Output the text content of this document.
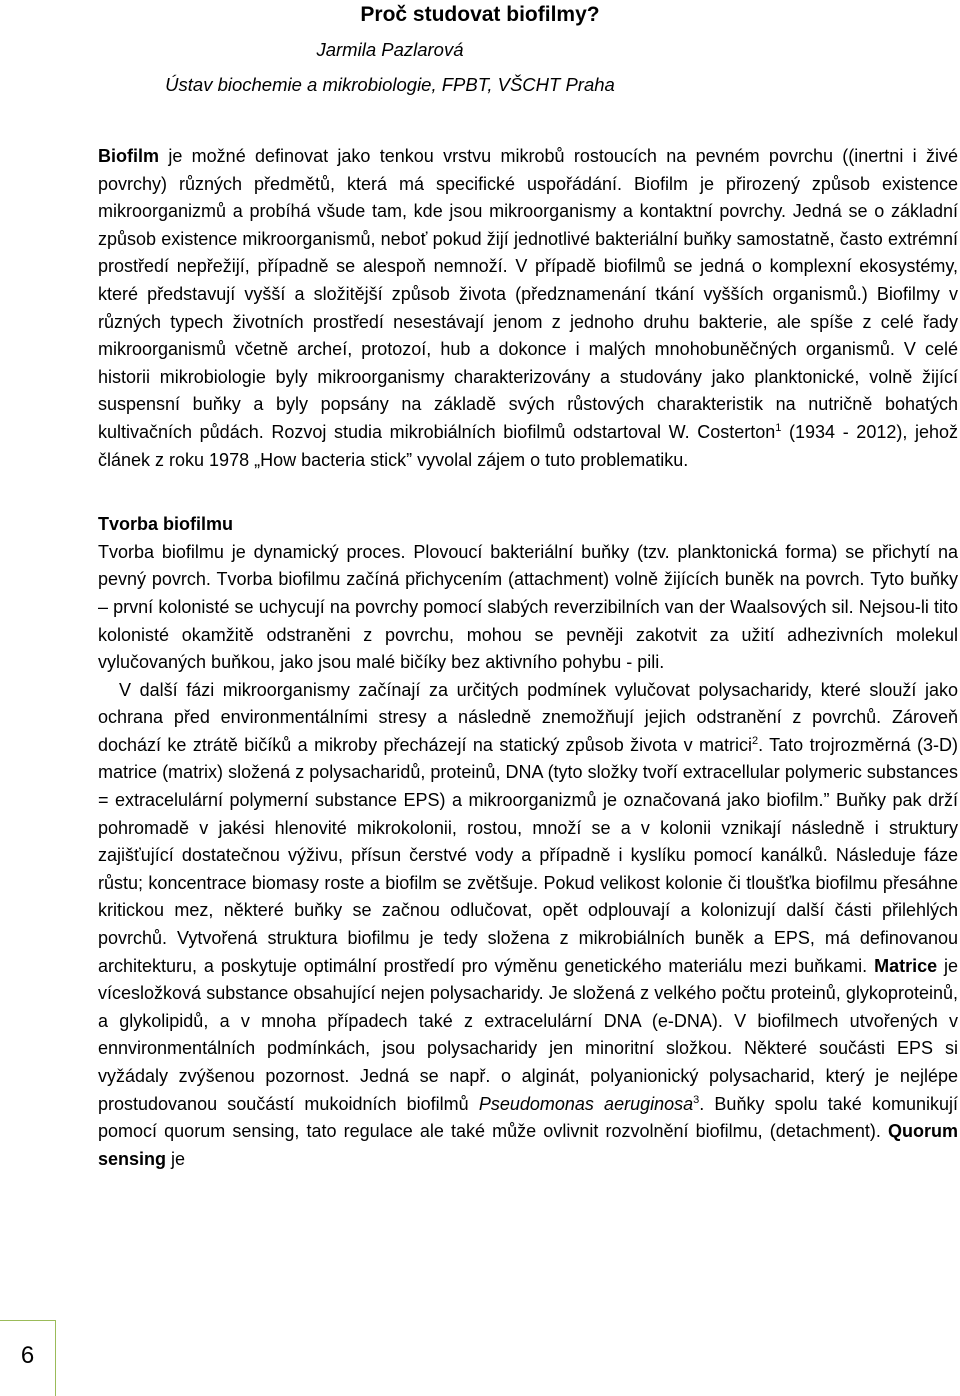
Proč studovat biofilmy?
Jarmila Pazlarová
Ústav biochemie a mikrobiologie, FPBT, VŠCHT Praha

Biofilm je možné definovat jako tenkou vrstvu mikrobů rostoucích na pevném povrchu ((inertni i živé povrchy) různých předmětů, která má specifické uspořádání. Biofilm je přirozený způsob existence mikroorganizmů a probíhá všude tam, kde jsou mikroorganismy a kontaktní povrchy. Jedná se o základní způsob existence mikroorganismů, neboť pokud žijí jednotlivé bakteriální buňky samostatně, často extrémní prostředí nepřežijí, případně se alespoň nemnoží. V případě biofilmů se jedná o komplexní ekosystémy, které představují vyšší a složitější způsob života (předznamenání tkání vyšších organismů.) Biofilmy v různých typech životních prostředí nesestávají jenom z jednoho druhu bakterie, ale spíše z celé řady mikroorganismů včetně archeí, protozoí, hub a dokonce i malých mnohobuněčných organismů. V celé historii mikrobiologie byly mikroorganismy charakterizovány a studovány jako planktonické, volně žijící suspensní buňky a byly popsány na základě svých růstových charakteristik na nutričně bohatých kultivačních půdách. Rozvoj studia mikrobiálních biofilmů odstartoval W. Costerton$^1$ (1934 - 2012), jehož článek z roku 1978 „How bacteria stick” vyvolal zájem o tuto problematiku.

Tvorba biofilmu

Tvorba biofilmu je dynamický proces. Plovoucí bakteriální buňky (tzv. planktonická forma) se přichytí na pevný povrch. Tvorba biofilmu začíná přichycením (attachment) volně žijících buněk na povrch. Tyto buňky – první kolonisté se uchycují na povrchy pomocí slabých reverzibilních van der Waalsových sil. Nejsou-li tito kolonisté okamžitě odstraněni z povrchu, mohou se pevněji zakotvit za užití adhezivních molekul vylučovaných buňkou, jako jsou malé bičíky bez aktivního pohybu - pili.

V další fázi mikroorganismy začínají za určitých podmínek vylučovat polysacharidy, které slouží jako ochrana před environmentálními stresy a následně znemožňují jejich odstranění z povrchů. Zároveň dochází ke ztrátě bičíků a mikroby přecházejí na statický způsob života v matrici$^2$. Tato trojrozměrná (3-D) matrice (matrix) složená z polysacharidů, proteinů, DNA (tyto složky tvoří extracellular polymeric substances = extracelulární polymerní substance EPS) a mikroorganizmů je označovaná jako biofilm.” Buňky pak drží pohromadě v jakési hlenovité mikrokolonii, rostou, množí se a v kolonii vznikají následně i struktury zajišťující dostatečnou výživu, přísun čerstvé vody a případně i kyslíku pomocí kanálků. Následuje fáze růstu; koncentrace biomasy roste a biofilm se zvětšuje. Pokud velikost kolonie či tloušťka biofilmu přesáhne kritickou mez, některé buňky se začnou odlučovat, opět odplouvají a kolonizují další části přilehlých povrchů. Vytvořená struktura biofilmu je tedy složena z mikrobiálních buněk a EPS, má definovanou architekturu, a poskytuje optimální prostředí pro výměnu genetického materiálu mezi buňkami. Matrice je vícesložková substance obsahující nejen polysacharidy. Je složená z velkého počtu proteinů, glykoproteinů, a glykolipidů, a v mnoha případech také z extracelulární DNA (e-DNA). V biofilmech utvořených v ennvironmentálních podmínkách, jsou polysacharidy jen minoritní složkou. Některé součásti EPS si vyžádaly zvýšenou pozornost. Jedná se např. o alginát, polyanionický polysacharid, který je nejlépe prostudovanou součástí mukoidních biofilmů Pseudomonas aeruginosa$^3$. Buňky spolu také komunikují pomocí quorum sensing, tato regulace ale také může ovlivnit rozvolnění biofilmu, (detachment). Quorum sensing je

6
